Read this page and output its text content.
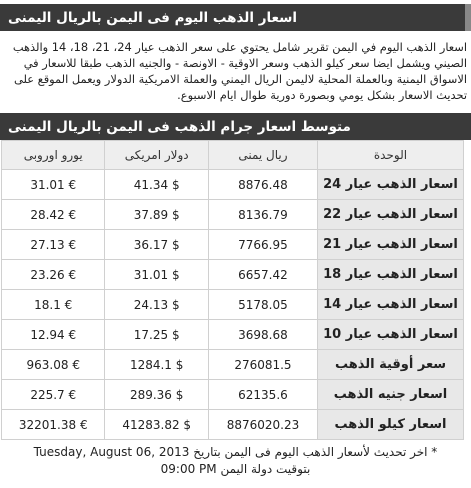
اسعار الذهب اليوم فى اليمن بالريال اليمنى
اسعار الذهب اليوم في اليمن تقرير شامل يحتوي على سعر الذهب عيار 24، 21، 18، 14 والذهب الصيني ويشمل ايضا سعر كيلو الذهب وسعر الاوقية - الاونصة - والجنيه الذهب طبقا للاسعار في الاسواق اليمنية وبالعملة المحلية لاليمن الريال اليمني والعملة الامريكية الدولار ويعمل الموقع على تحديث الاسعار بشكل يومي وبصورة دورية طوال ايام الاسبوع.
متوسط اسعار جرام الذهب فى اليمن بالريال اليمنى
الوحدة	ريال يمنى	دولار امريكى	يورو اوروبى
اسعار الذهب عيار 24	8876.48	$ 41.34	€ 31.01
اسعار الذهب عيار 22	8136.79	$ 37.89	€ 28.42
اسعار الذهب عيار 21	7766.95	$ 36.17	€ 27.13
اسعار الذهب عيار 18	6657.42	$ 31.01	€ 23.26
اسعار الذهب عيار 14	5178.05	$ 24.13	€ 18.1
اسعار الذهب عيار 10	3698.68	$ 17.25	€ 12.94
سعر أوقية الذهب	276081.5	$ 1284.1	€ 963.08
اسعار جنيه الذهب	62135.6	$ 289.36	€ 225.7
اسعار كيلو الذهب	8876020.23	$ 41283.82	€ 32201.38
* اخر تحديث لأسعار الذهب اليوم فى اليمن بتاريخ Tuesday, August 06, 2013
بتوقيت دولة اليمن 09:00 PM
